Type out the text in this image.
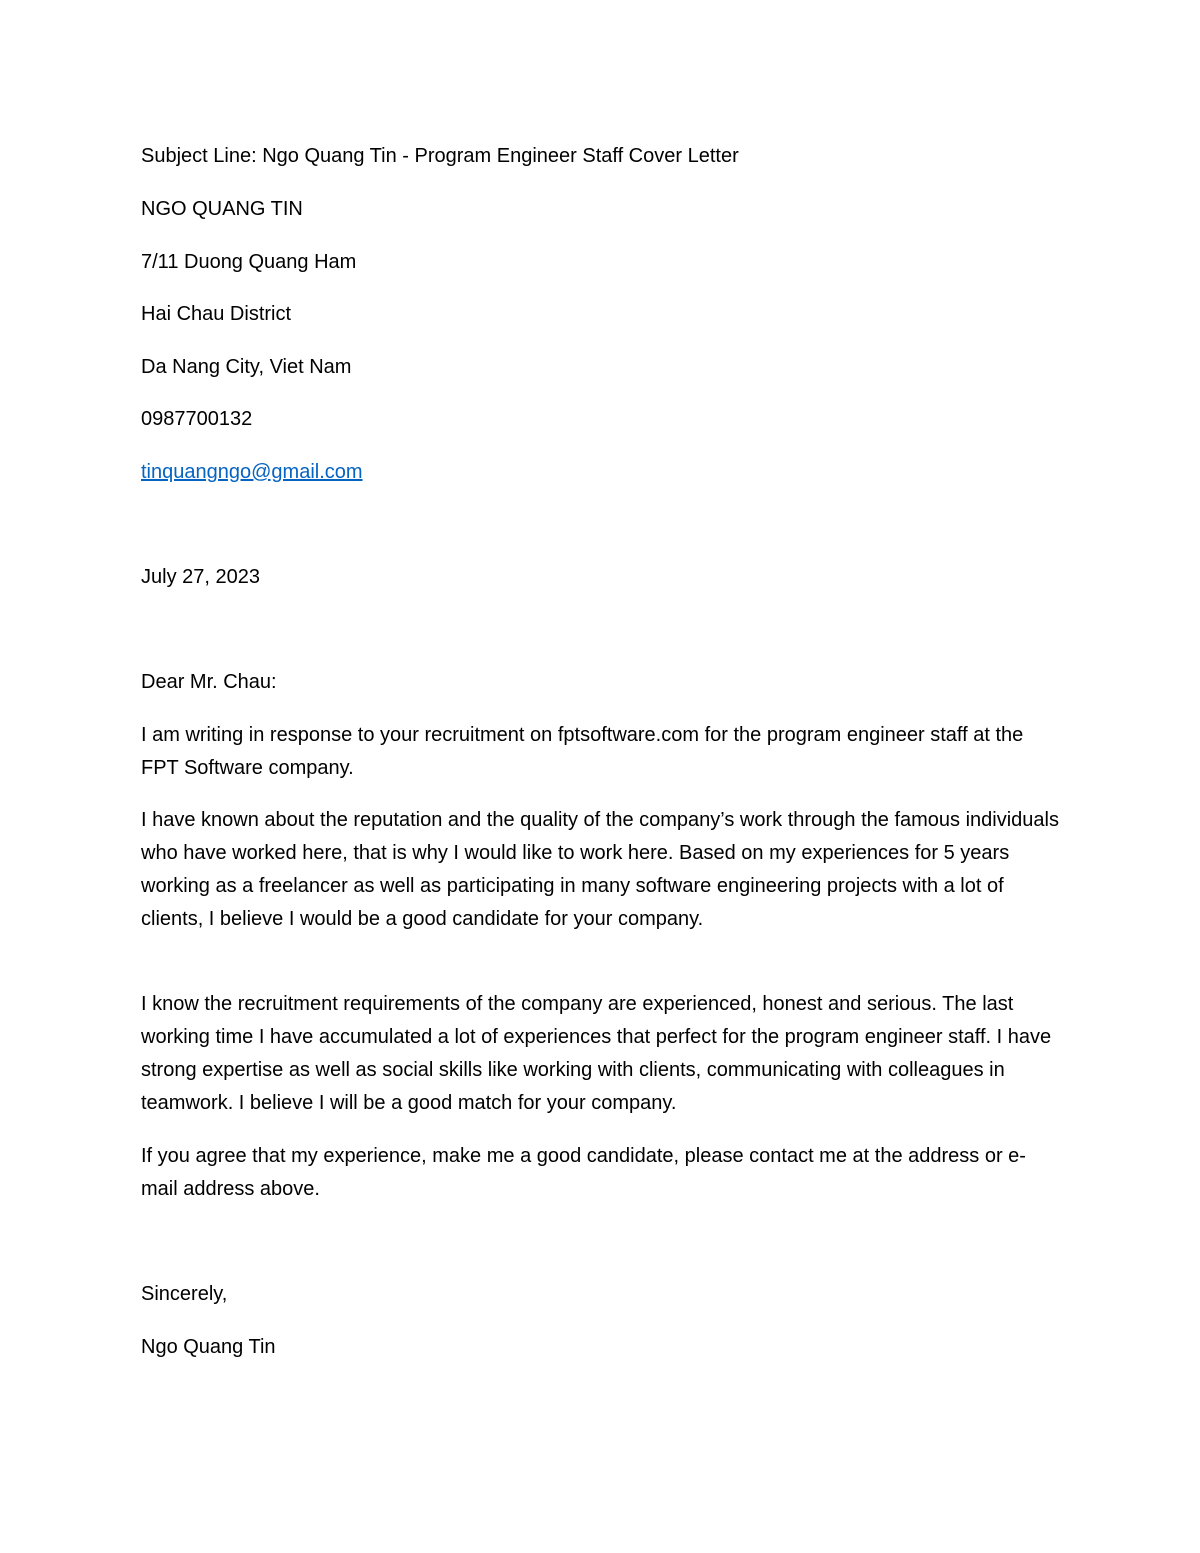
Subject Line: Ngo Quang Tin - Program Engineer Staff Cover Letter

NGO QUANG TIN

7/11 Duong Quang Ham

Hai Chau District

Da Nang City, Viet Nam

0987700132

tinquangngo@gmail.com

July 27, 2023

Dear Mr. Chau:

I am writing in response to your recruitment on fptsoftware.com for the program engineer staff at the FPT Software company.

I have known about the reputation and the quality of the company’s work through the famous individuals who have worked here, that is why I would like to work here. Based on my experiences for 5 years working as a freelancer as well as participating in many software engineering projects with a lot of clients, I believe I would be a good candidate for your company.

I know the recruitment requirements of the company are experienced, honest and serious. The last working time I have accumulated a lot of experiences that perfect for the program engineer staff. I have strong expertise as well as social skills like working with clients, communicating with colleagues in teamwork. I believe I will be a good match for your company.

If you agree that my experience, make me a good candidate, please contact me at the address or e-mail address above.

Sincerely,

Ngo Quang Tin
